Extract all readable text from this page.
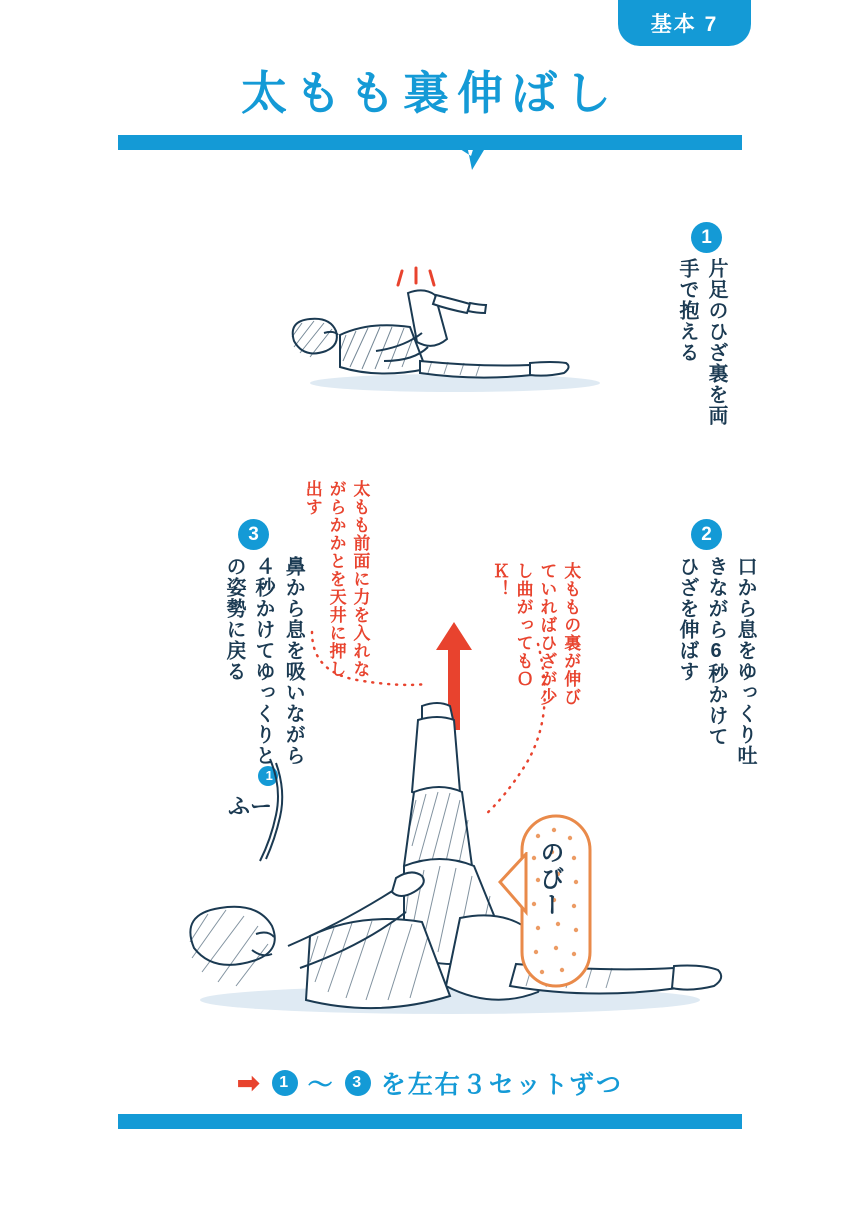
基本 7
太もも裏伸ばし
1
片足のひざ裏を両手で抱える
2
口から息をゆっくり吐きながら6秒かけてひざを伸ばす
3
鼻から息を吸いながら４秒かけてゆっくりと1の姿勢に戻る	太もも前面に力を入れながらかかとを天井に押し出す
太ももの裏が伸びていればひざが少し曲がってもＯＫ！
ふー
のびー
➡	1 〜	3 を左右３セットずつ
